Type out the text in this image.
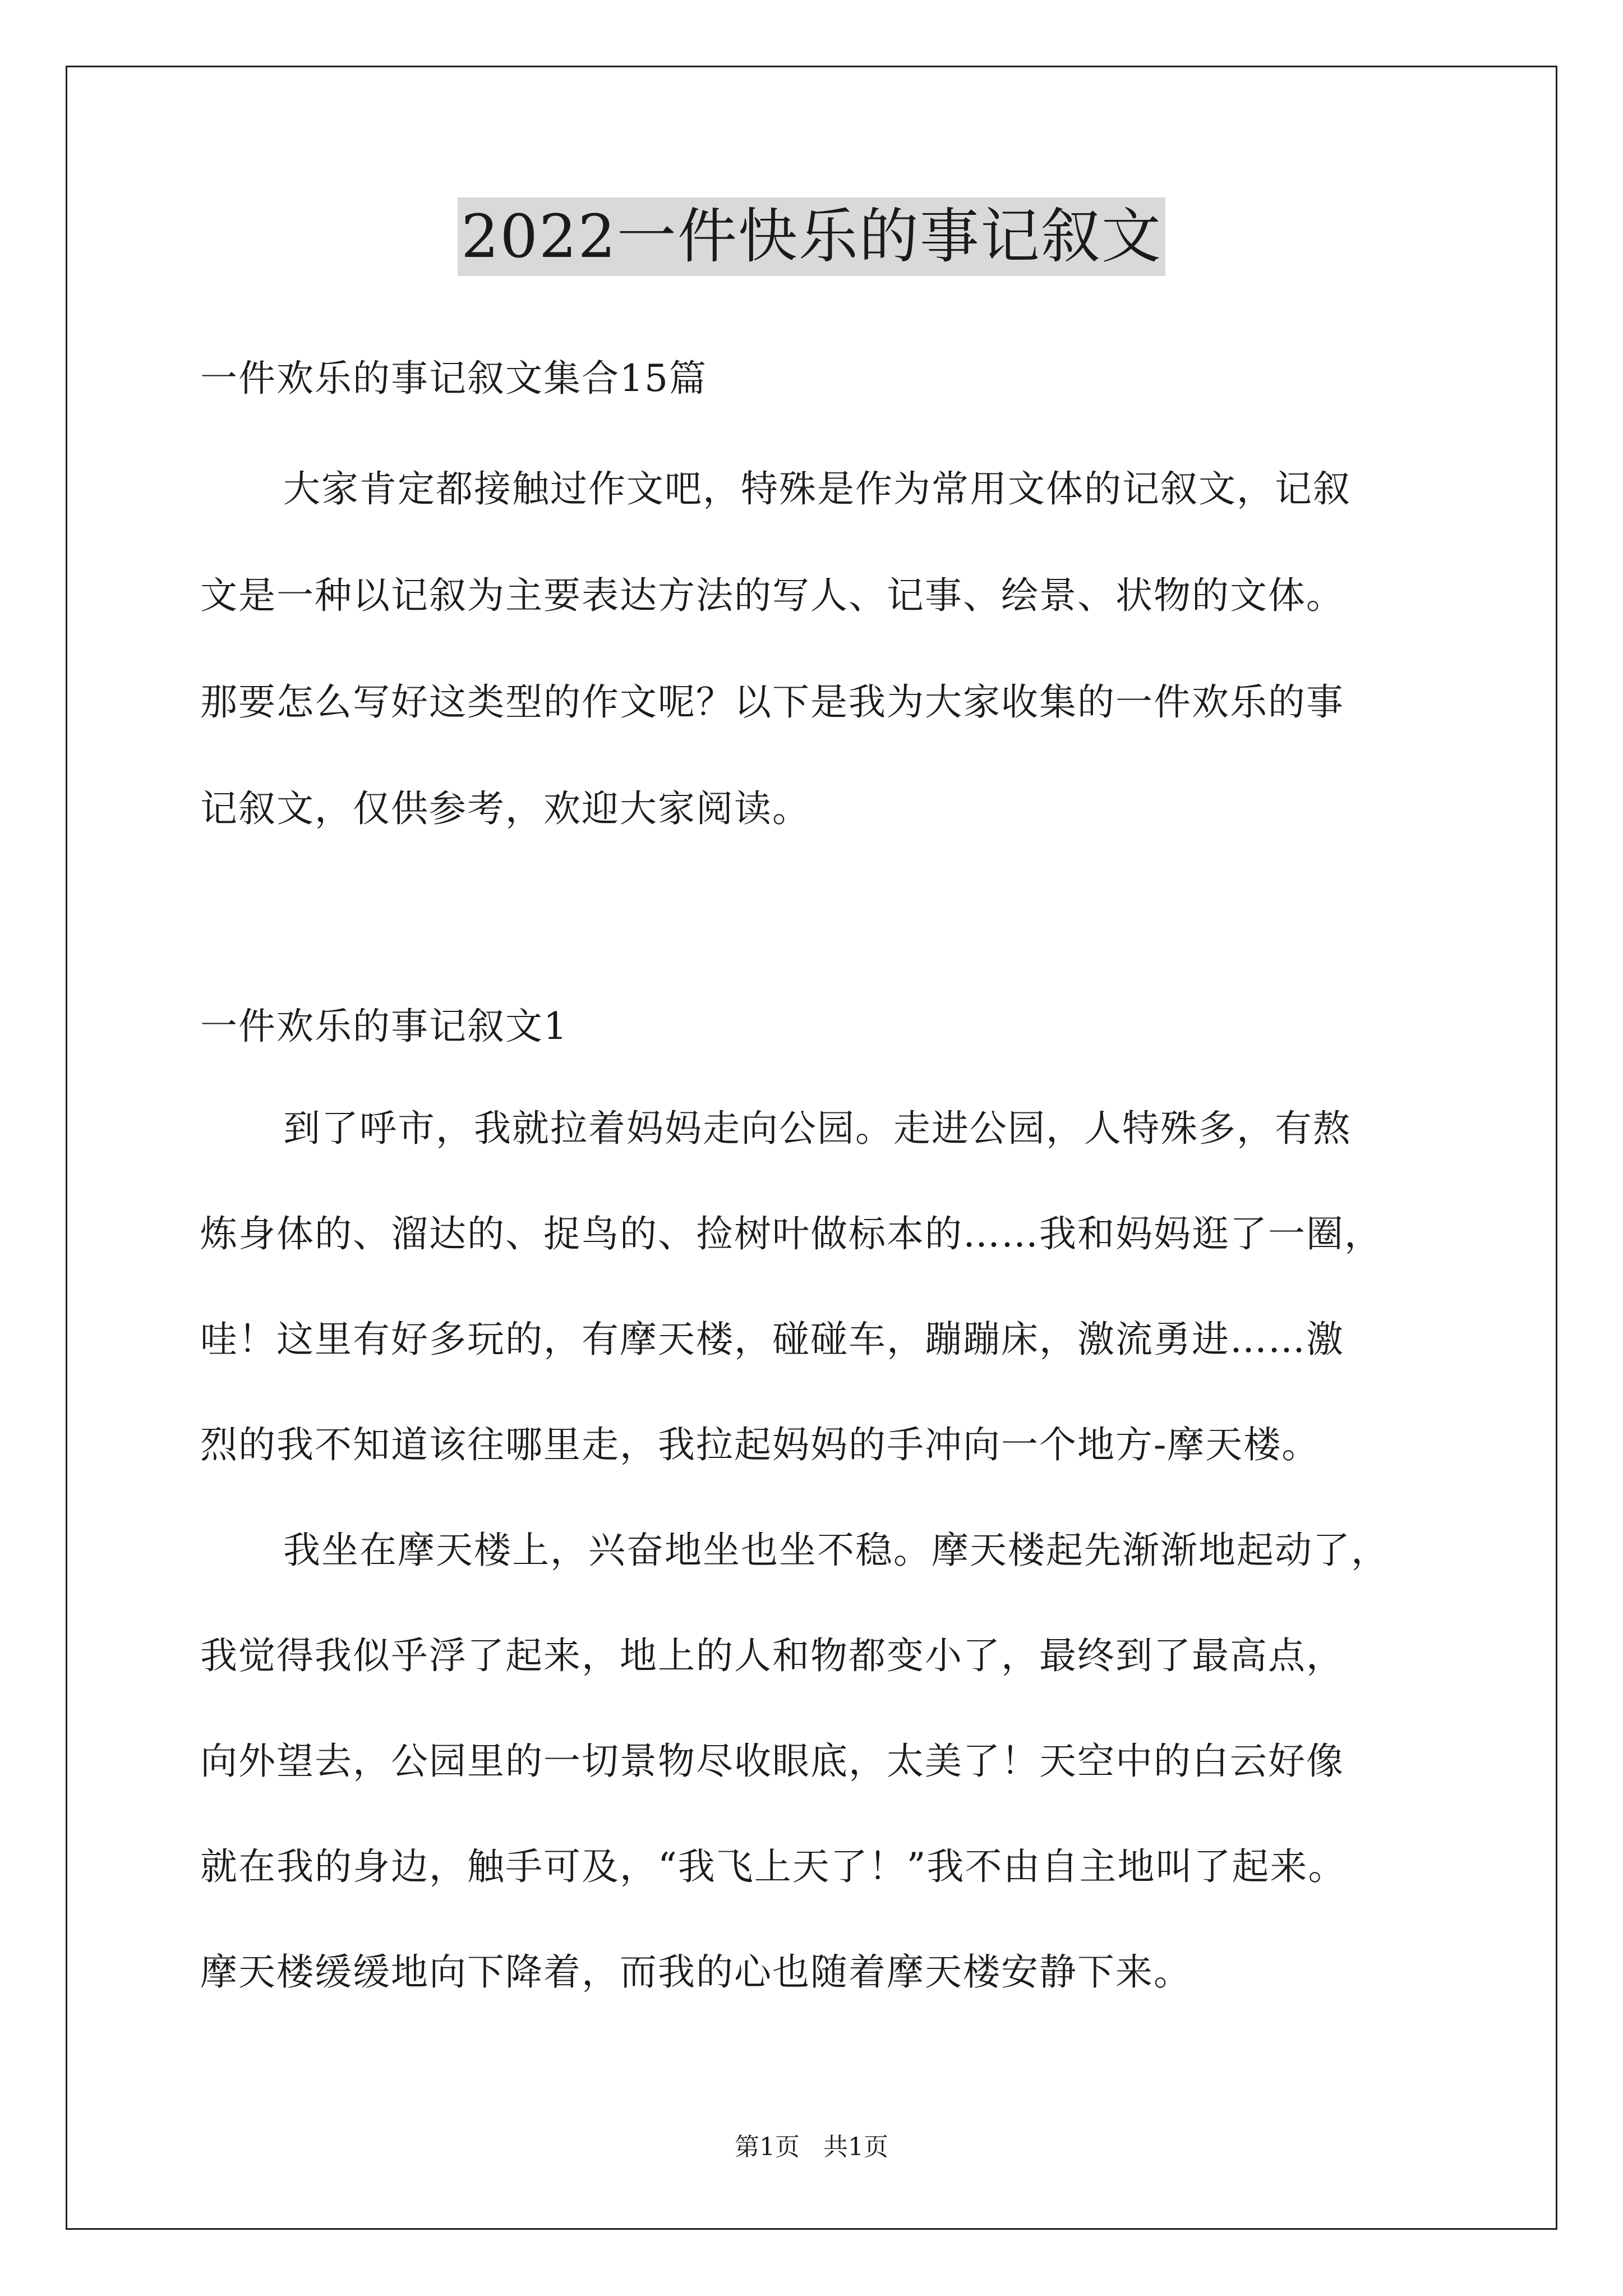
2022一件快乐的事记叙文
一件欢乐的事记叙文集合15篇
大家肯定都接触过作文吧，特殊是作为常用文体的记叙文，记叙
文是一种以记叙为主要表达方法的写人、记事、绘景、状物的文体。
那要怎么写好这类型的作文呢？以下是我为大家收集的一件欢乐的事
记叙文，仅供参考，欢迎大家阅读。
一件欢乐的事记叙文1
到了呼市，我就拉着妈妈走向公园。走进公园，人特殊多，有熬
炼身体的、溜达的、捉鸟的、捡树叶做标本的……我和妈妈逛了一圈，
哇！这里有好多玩的，有摩天楼，碰碰车，蹦蹦床，激流勇进……激
烈的我不知道该往哪里走，我拉起妈妈的手冲向一个地方-摩天楼。
我坐在摩天楼上，兴奋地坐也坐不稳。摩天楼起先渐渐地起动了，
我觉得我似乎浮了起来，地上的人和物都变小了，最终到了最高点，
向外望去，公园里的一切景物尽收眼底，太美了！天空中的白云好像
就在我的身边，触手可及，“我飞上天了！”我不由自主地叫了起来。
摩天楼缓缓地向下降着，而我的心也随着摩天楼安静下来。
第1页 共1页
